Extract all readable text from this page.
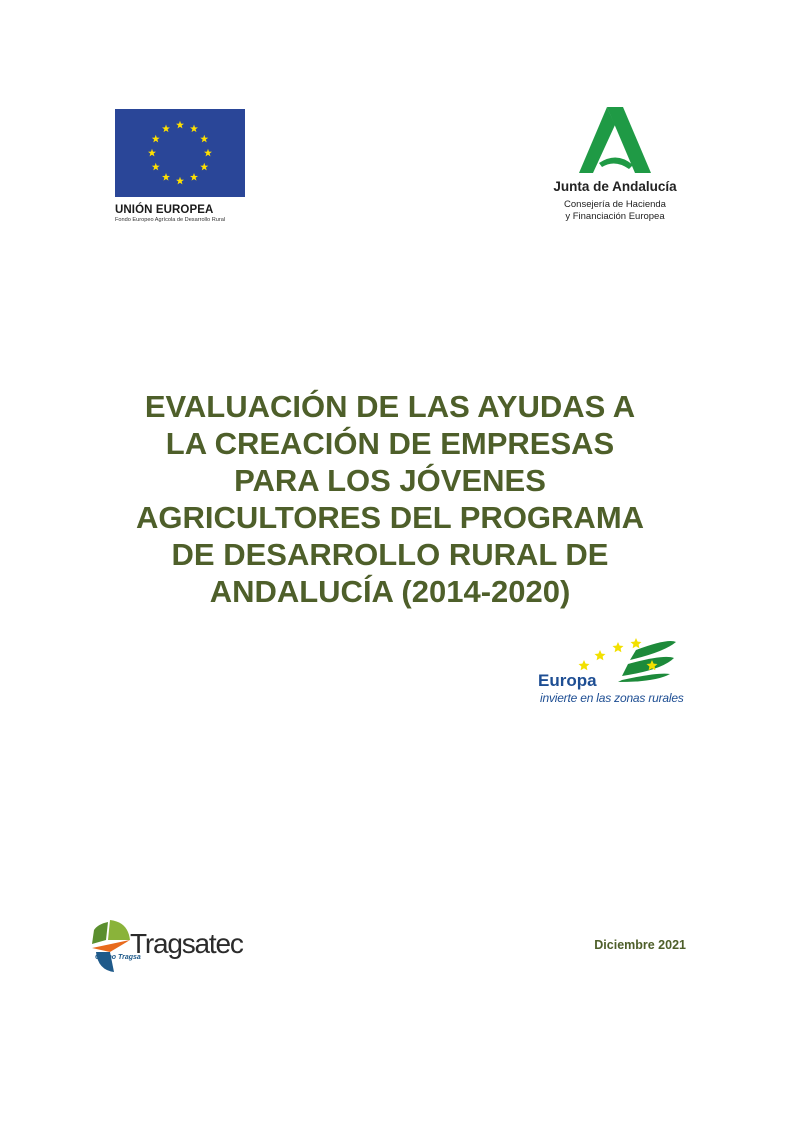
UNIÓN EUROPEA
Fondo Europeo Agrícola de Desarrollo Rural
Junta de Andalucía
Consejería de Hacienda
y Financiación Europea
EVALUACIÓN DE LAS AYUDAS A
LA CREACIÓN DE EMPRESAS
PARA LOS JÓVENES
AGRICULTORES DEL PROGRAMA
DE DESARROLLO RURAL DE
ANDALUCÍA (2014-2020)
Europa
invierte en las zonas rurales
Tragsatec
Grupo Tragsa
Diciembre 2021
